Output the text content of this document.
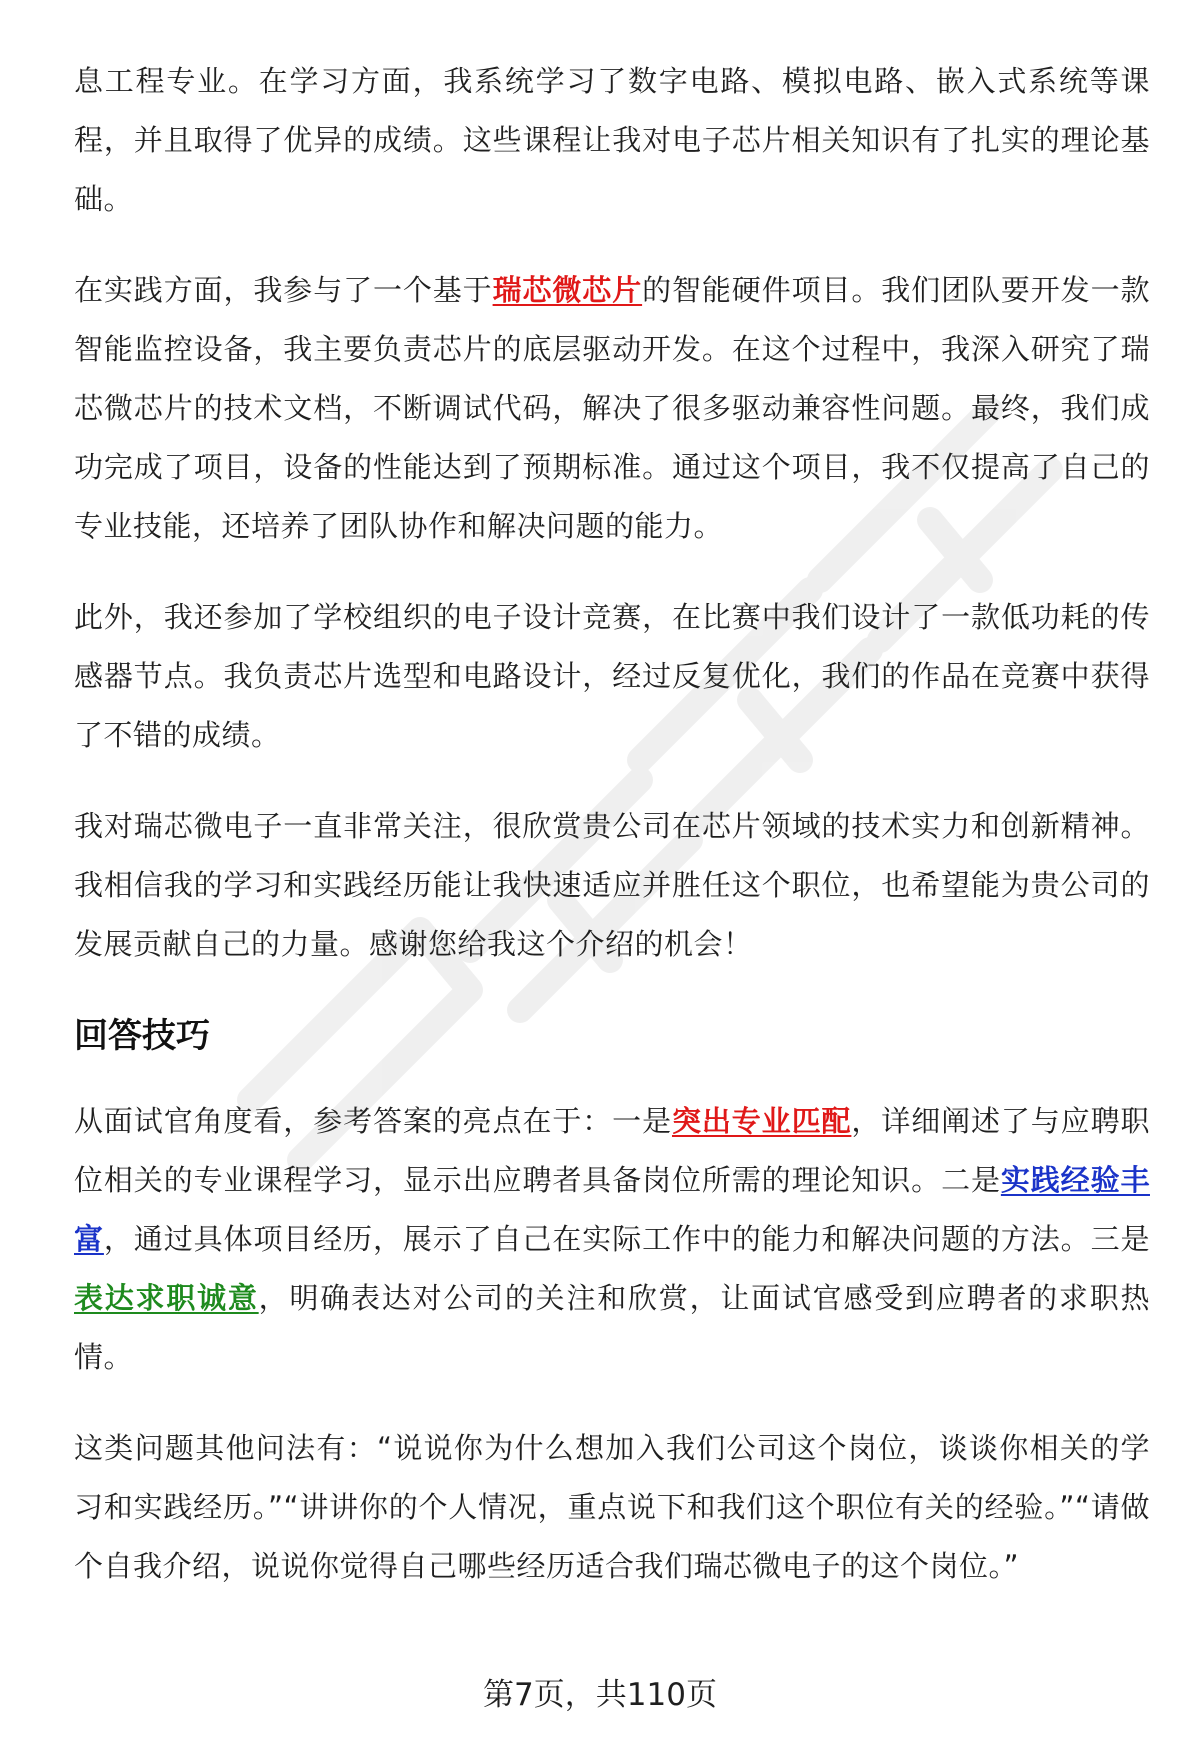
息工程专业。在学习方面，我系统学习了数字电路、模拟电路、嵌入式系统等课程，并且取得了优异的成绩。这些课程让我对电子芯片相关知识有了扎实的理论基础。

在实践方面，我参与了一个基于瑞芯微芯片的智能硬件项目。我们团队要开发一款智能监控设备，我主要负责芯片的底层驱动开发。在这个过程中，我深入研究了瑞芯微芯片的技术文档，不断调试代码，解决了很多驱动兼容性问题。最终，我们成功完成了项目，设备的性能达到了预期标准。通过这个项目，我不仅提高了自己的专业技能，还培养了团队协作和解决问题的能力。

此外，我还参加了学校组织的电子设计竞赛，在比赛中我们设计了一款低功耗的传感器节点。我负责芯片选型和电路设计，经过反复优化，我们的作品在竞赛中获得了不错的成绩。

我对瑞芯微电子一直非常关注，很欣赏贵公司在芯片领域的技术实力和创新精神。我相信我的学习和实践经历能让我快速适应并胜任这个职位，也希望能为贵公司的发展贡献自己的力量。感谢您给我这个介绍的机会！

回答技巧

从面试官角度看，参考答案的亮点在于：一是突出专业匹配，详细阐述了与应聘职位相关的专业课程学习，显示出应聘者具备岗位所需的理论知识。二是实践经验丰富，通过具体项目经历，展示了自己在实际工作中的能力和解决问题的方法。三是表达求职诚意，明确表达对公司的关注和欣赏，让面试官感受到应聘者的求职热情。

这类问题其他问法有：“说说你为什么想加入我们公司这个岗位，谈谈你相关的学习和实践经历。”“讲讲你的个人情况，重点说下和我们这个职位有关的经验。”“请做个自我介绍，说说你觉得自己哪些经历适合我们瑞芯微电子的这个岗位。”

第7页，共110页
